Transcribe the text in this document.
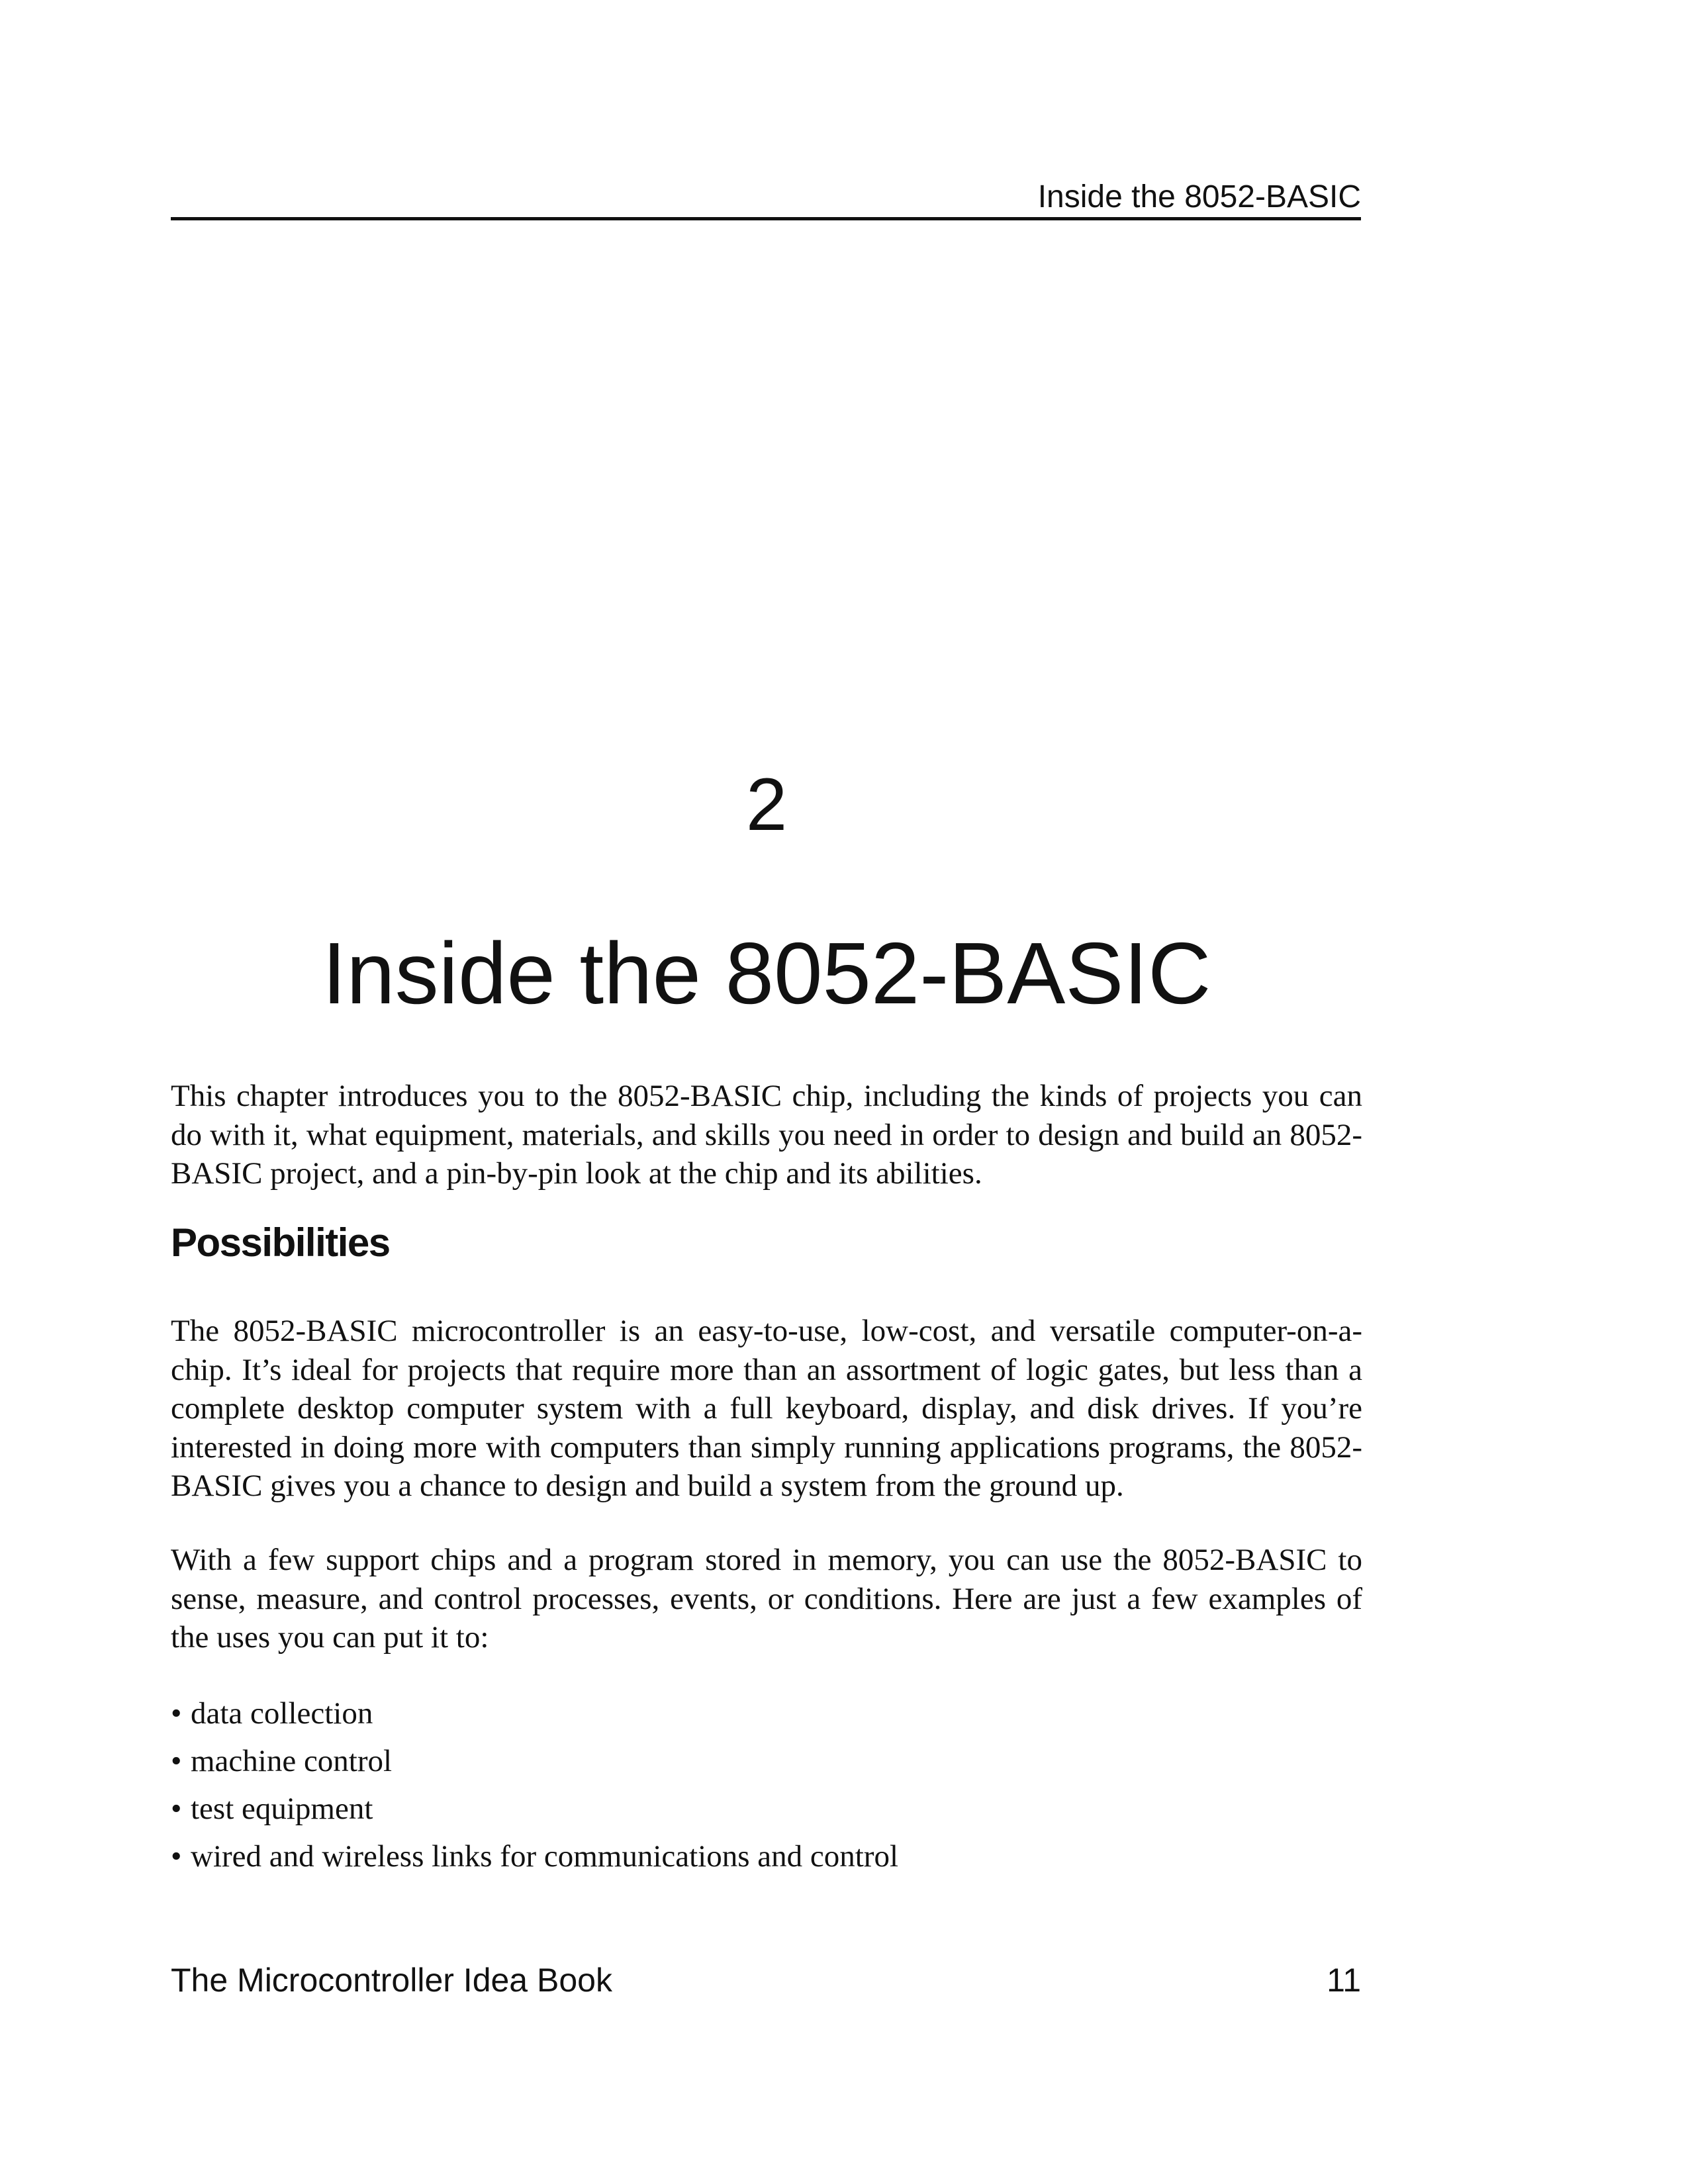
Inside the 8052-BASIC
2
Inside the 8052-BASIC

This chapter introduces you to the 8052-BASIC chip, including the kinds of projects you can do with it, what equipment, materials, and skills you need in order to design and build an 8052-BASIC project, and a pin-by-pin look at the chip and its abilities.

Possibilities

The 8052-BASIC microcontroller is an easy-to-use, low-cost, and versatile computer-on-a-chip. It’s ideal for projects that require more than an assortment of logic gates, but less than a complete desktop computer system with a full keyboard, display, and disk drives. If you’re interested in doing more with computers than simply running applications programs, the 8052-BASIC gives you a chance to design and build a system from the ground up.

With a few support chips and a program stored in memory, you can use the 8052-BASIC to sense, measure, and control processes, events, or conditions. Here are just a few examples of the uses you can put it to:

• data collection
• machine control
• test equipment
• wired and wireless links for communications and control
The Microcontroller Idea Book	11
